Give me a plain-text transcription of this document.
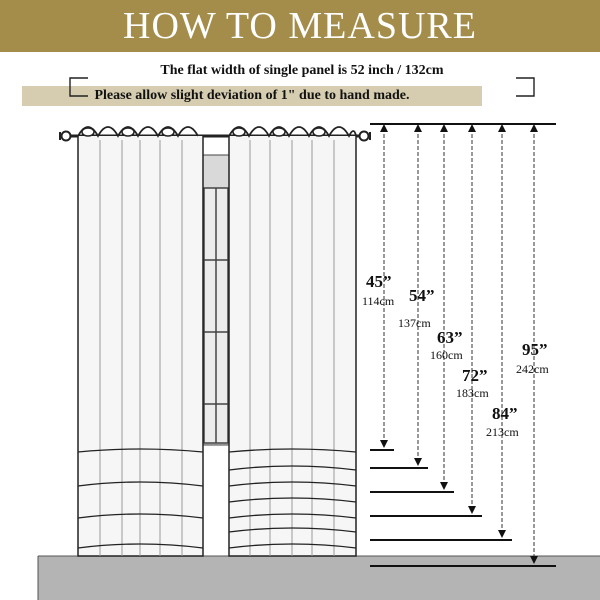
HOW TO MEASURE
The flat width of single panel is 52 inch / 132cm
Please allow slight deviation of 1" due to hand made.
45”
114cm 54”
137cm
63”
160cm
72”
183cm
84”
213cm
95”
242cm
